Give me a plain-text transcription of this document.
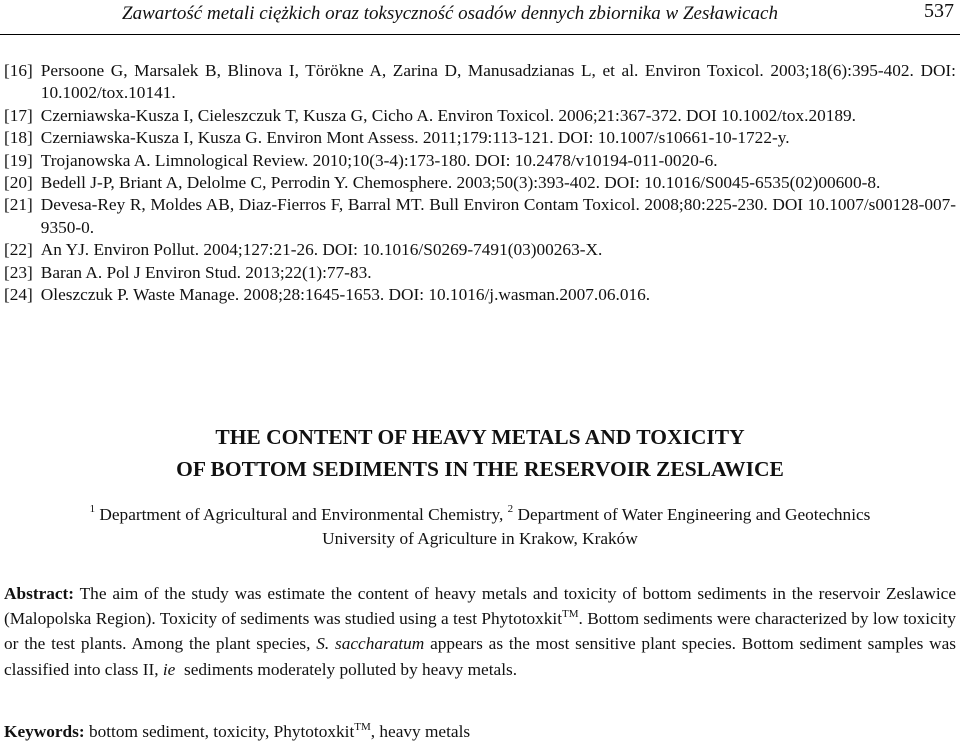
Zawartość metali ciężkich oraz toksyczność osadów dennych zbiornika w Zesławicach	537
[16] Persoone G, Marsalek B, Blinova I, Törökne A, Zarina D, Manusadzianas L, et al. Environ Toxicol. 2003;18(6):395-402. DOI: 10.1002/tox.10141.
[17] Czerniawska-Kusza I, Cieleszczuk T, Kusza G, Cicho A. Environ Toxicol. 2006;21:367-372. DOI 10.1002/tox.20189.
[18] Czerniawska-Kusza I, Kusza G. Environ Mont Assess. 2011;179:113-121. DOI: 10.1007/s10661-10-1722-y.
[19] Trojanowska A. Limnological Review. 2010;10(3-4):173-180. DOI: 10.2478/v10194-011-0020-6.
[20] Bedell J-P, Briant A, Delolme C, Perrodin Y. Chemosphere. 2003;50(3):393-402. DOI: 10.1016/S0045-6535(02)00600-8.
[21] Devesa-Rey R, Moldes AB, Diaz-Fierros F, Barral MT. Bull Environ Contam Toxicol. 2008;80:225-230. DOI 10.1007/s00128-007-9350-0.
[22] An YJ. Environ Pollut. 2004;127:21-26. DOI: 10.1016/S0269-7491(03)00263-X.
[23] Baran A. Pol J Environ Stud. 2013;22(1):77-83.
[24] Oleszczuk P. Waste Manage. 2008;28:1645-1653. DOI: 10.1016/j.wasman.2007.06.016.
THE CONTENT OF HEAVY METALS AND TOXICITY
OF BOTTOM SEDIMENTS IN THE RESERVOIR ZESLAWICE
$^1$ Department of Agricultural and Environmental Chemistry, $^2$ Department of Water Engineering and Geotechnics
University of Agriculture in Krakow, Kraków
Abstract: The aim of the study was estimate the content of heavy metals and toxicity of bottom sediments in the reservoir Zeslawice (Malopolska Region). Toxicity of sediments was studied using a test Phytotoxkit™. Bottom sediments were characterized by low toxicity or the test plants. Among the plant species, S. saccharatum appears as the most sensitive plant species. Bottom sediment samples was classified into class II, ie sediments moderately polluted by heavy metals.
Keywords: bottom sediment, toxicity, Phytotoxkit™, heavy metals
